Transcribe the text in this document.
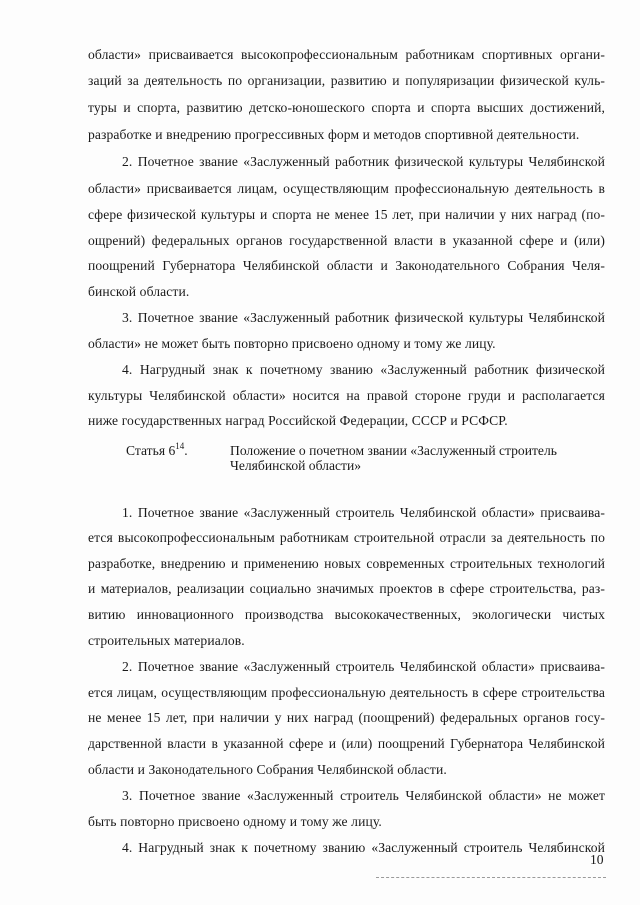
области» присваивается высокопрофессиональным работникам спортивных органи-
заций за деятельность по организации, развитию и популяризации физической куль-
туры и спорта, развитию детско-юношеского спорта и спорта высших достижений,
разработке и внедрению прогрессивных форм и методов спортивной деятельности.
2. Почетное звание «Заслуженный работник физической культуры Челябинской
области» присваивается лицам, осуществляющим профессиональную деятельность в
сфере физической культуры и спорта не менее 15 лет, при наличии у них наград (по-
ощрений) федеральных органов государственной власти в указанной сфере и (или)
поощрений Губернатора Челябинской области и Законодательного Собрания Челя-
бинской области.
3. Почетное звание «Заслуженный работник физической культуры Челябинской
области» не может быть повторно присвоено одному и тому же лицу.
4. Нагрудный знак к почетному званию «Заслуженный работник физической
культуры Челябинской области» носится на правой стороне груди и располагается
ниже государственных наград Российской Федерации, СССР и РСФСР.
Статья $6^{14}$.	Положение о почетном звании «Заслуженный строитель
Челябинской области»
1. Почетное звание «Заслуженный строитель Челябинской области» присваива-
ется высокопрофессиональным работникам строительной отрасли за деятельность по
разработке, внедрению и применению новых современных строительных технологий
и материалов, реализации социально значимых проектов в сфере строительства, раз-
витию инновационного производства высококачественных, экологически чистых
строительных материалов.
2. Почетное звание «Заслуженный строитель Челябинской области» присваива-
ется лицам, осуществляющим профессиональную деятельность в сфере строительства
не менее 15 лет, при наличии у них наград (поощрений) федеральных органов госу-
дарственной власти в указанной сфере и (или) поощрений Губернатора Челябинской
области и Законодательного Собрания Челябинской области.
3. Почетное звание «Заслуженный строитель Челябинской области» не может
быть повторно присвоено одному и тому же лицу.
4. Нагрудный знак к почетному званию «Заслуженный строитель Челябинской
10
